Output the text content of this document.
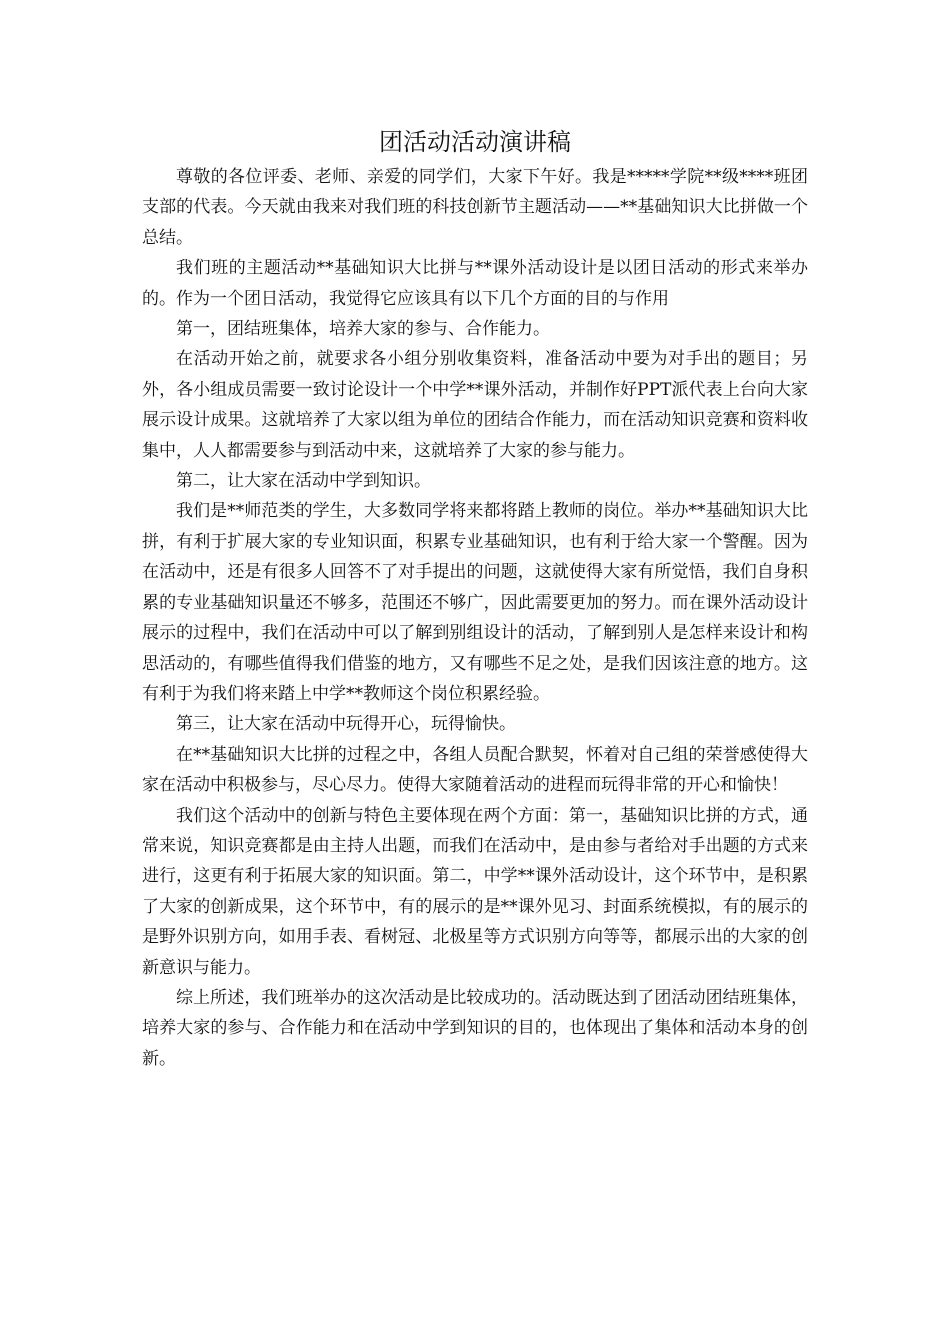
团活动活动演讲稿

尊敬的各位评委、老师、亲爱的同学们，大家下午好。我是*****学院**级****班团支部的代表。今天就由我来对我们班的科技创新节主题活动——**基础知识大比拼做一个总结。

我们班的主题活动**基础知识大比拼与**课外活动设计是以团日活动的形式来举办的。作为一个团日活动，我觉得它应该具有以下几个方面的目的与作用

第一，团结班集体，培养大家的参与、合作能力。

在活动开始之前，就要求各小组分别收集资料，准备活动中要为对手出的题目；另外，各小组成员需要一致讨论设计一个中学**课外活动，并制作好PPT派代表上台向大家展示设计成果。这就培养了大家以组为单位的团结合作能力，而在活动知识竞赛和资料收集中，人人都需要参与到活动中来，这就培养了大家的参与能力。

第二，让大家在活动中学到知识。

我们是**师范类的学生，大多数同学将来都将踏上教师的岗位。举办**基础知识大比拼，有利于扩展大家的专业知识面，积累专业基础知识，也有利于给大家一个警醒。因为在活动中，还是有很多人回答不了对手提出的问题，这就使得大家有所觉悟，我们自身积累的专业基础知识量还不够多，范围还不够广，因此需要更加的努力。而在课外活动设计展示的过程中，我们在活动中可以了解到别组设计的活动，了解到别人是怎样来设计和构思活动的，有哪些值得我们借鉴的地方，又有哪些不足之处，是我们因该注意的地方。这有利于为我们将来踏上中学**教师这个岗位积累经验。

第三，让大家在活动中玩得开心，玩得愉快。

在**基础知识大比拼的过程之中，各组人员配合默契，怀着对自己组的荣誉感使得大家在活动中积极参与，尽心尽力。使得大家随着活动的进程而玩得非常的开心和愉快！

我们这个活动中的创新与特色主要体现在两个方面：第一，基础知识比拼的方式，通常来说，知识竞赛都是由主持人出题，而我们在活动中，是由参与者给对手出题的方式来进行，这更有利于拓展大家的知识面。第二，中学**课外活动设计，这个环节中，是积累了大家的创新成果，这个环节中，有的展示的是**课外见习、封面系统模拟，有的展示的是野外识别方向，如用手表、看树冠、北极星等方式识别方向等等，都展示出的大家的创新意识与能力。

综上所述，我们班举办的这次活动是比较成功的。活动既达到了团活动团结班集体，培养大家的参与、合作能力和在活动中学到知识的目的，也体现出了集体和活动本身的创新。
